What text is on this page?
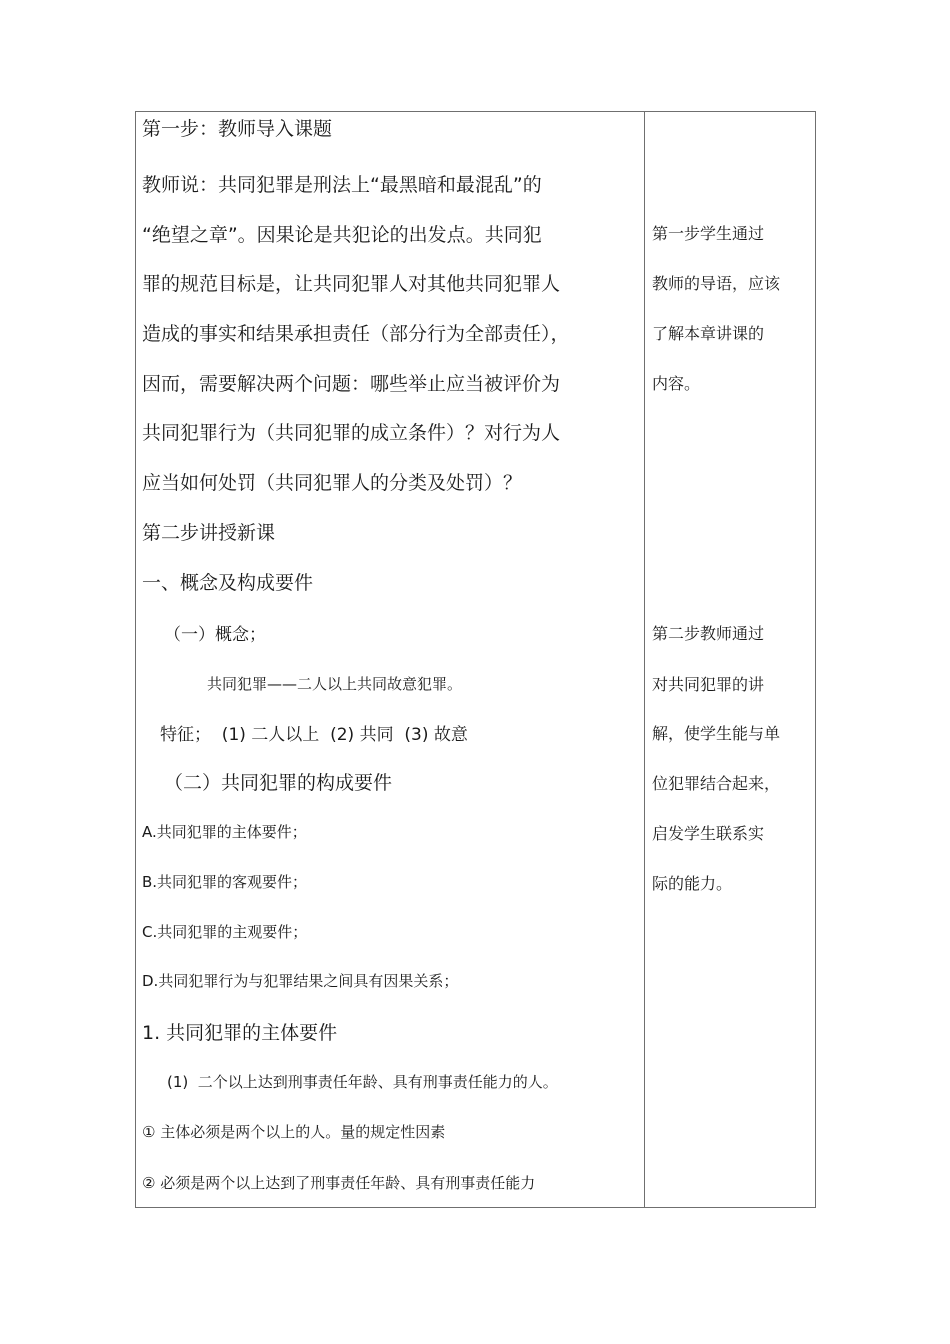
第一步：教师导入课题
教师说：共同犯罪是刑法上“最黑暗和最混乱”的
“绝望之章”。因果论是共犯论的出发点。共同犯
罪的规范目标是，让共同犯罪人对其他共同犯罪人
造成的事实和结果承担责任（部分行为全部责任），
因而，需要解决两个问题：哪些举止应当被评价为
共同犯罪行为（共同犯罪的成立条件）？对行为人
应当如何处罚（共同犯罪人的分类及处罚）？
第二步讲授新课
一、概念及构成要件
（一）概念；
共同犯罪——二人以上共同故意犯罪。
特征；  (1) 二人以上  (2) 共同  (3) 故意
（二）共同犯罪的构成要件
A.共同犯罪的主体要件；
B.共同犯罪的客观要件；
C.共同犯罪的主观要件；
D.共同犯罪行为与犯罪结果之间具有因果关系；
1. 共同犯罪的主体要件
(1)  二个以上达到刑事责任年龄、具有刑事责任能力的人。
① 主体必须是两个以上的人。量的规定性因素
② 必须是两个以上达到了刑事责任年龄、具有刑事责任能力
第一步学生通过
教师的导语，应该
了解本章讲课的
内容。
第二步教师通过
对共同犯罪的讲
解，使学生能与单
位犯罪结合起来，
启发学生联系实
际的能力。
